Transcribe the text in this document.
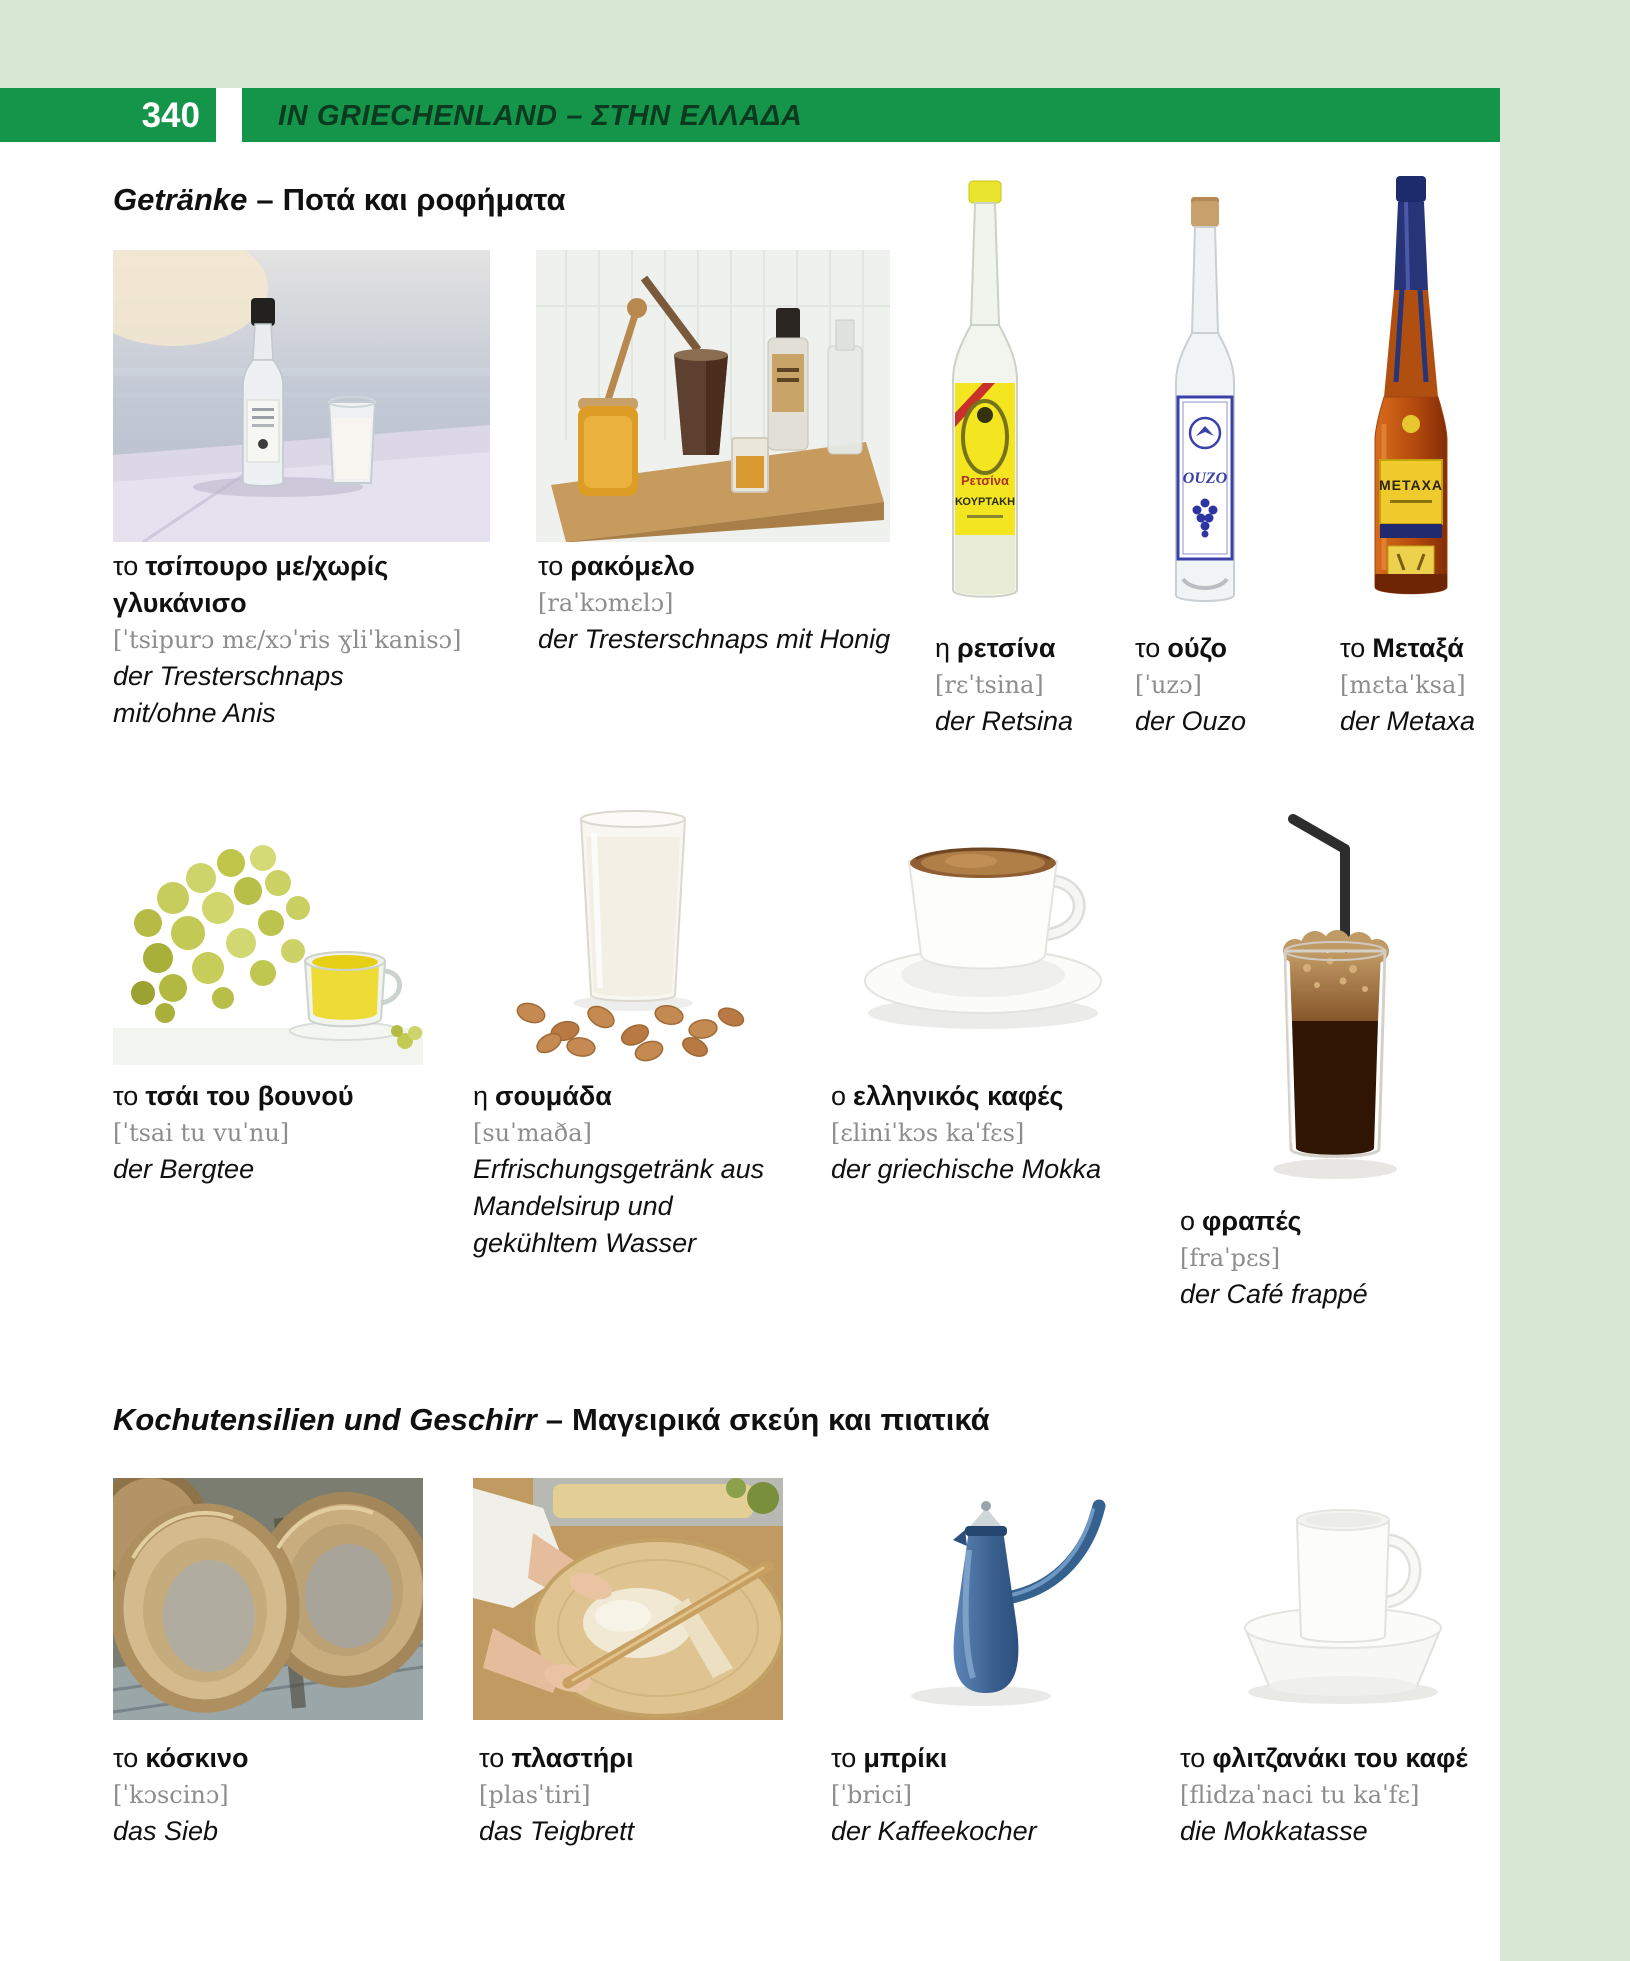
340	IN GRIECHENLAND – ΣΤΗΝ ΕΛΛΑΔΑ
Getränke – Ποτά και ροφήματα
Ρετσίνα
ΚΟΥΡΤΑΚΗ
OUZO	METAXA
το τσίπουρο με/χωρίς γλυκάνισο
[ˈtsipurɔ mɛ/xɔˈris ɣliˈkanisɔ]
der Tresterschnaps mit/ohne Anis
το ρακόμελο
[raˈkɔmɛlɔ]
der Tresterschnaps mit Honig η ρετσίνα
[rɛˈtsina]
der Retsina
το ούζο
[ˈuzɔ]
der Ouzo
το Μεταξά
[mɛtaˈksa]
der Metaxa
το τσάι του βουνού
[ˈtsai tu vuˈnu]
der Bergtee
η σουμάδα
[suˈmaða]
Erfrischungsgetränk aus Mandelsirup und gekühltem Wasser
ο ελληνικός καφές
[ɛliniˈkɔs kaˈfɛs]
der griechische Mokka
ο φραπές
[fraˈpɛs]
der Café frappé
Kochutensilien und Geschirr – Μαγειρικά σκεύη και πιατικά
το κόσκινο
[ˈkɔscinɔ]
das Sieb
το πλαστήρι
[plasˈtiri]
das Teigbrett
το μπρίκι
[ˈbrici]
der Kaffeekocher
το φλιτζανάκι του καφέ
[flidzaˈnaci tu kaˈfɛ]
die Mokkatasse
